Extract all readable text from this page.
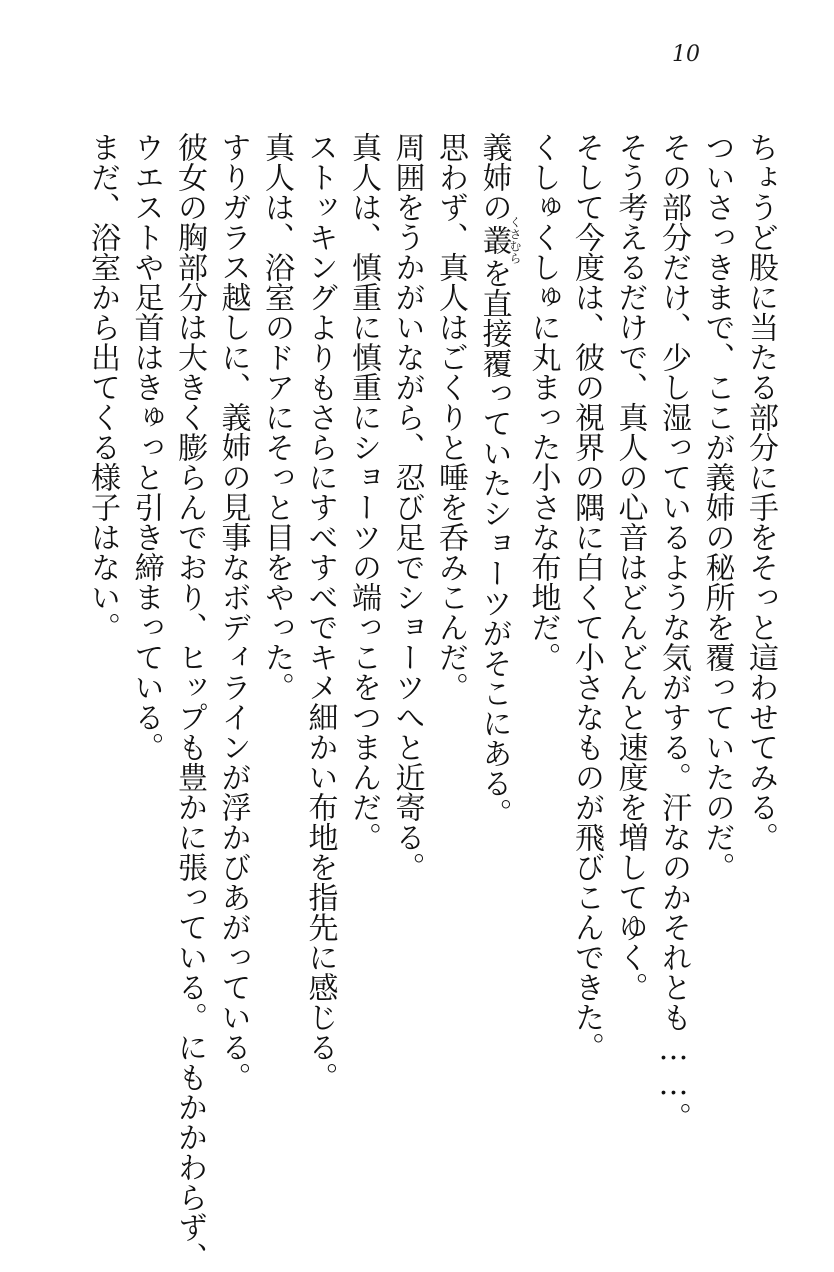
10

ちょうど股に当たる部分に手をそっと這わせてみる。

ついさっきまで、ここが義姉の秘所を覆っていたのだ。

その部分だけ、少し湿っているような気がする。汗なのかそれとも……。

そう考えるだけで、真人の心音はどんどんと速度を増してゆく。

そして今度は、彼の視界の隅に白くて小さなものが飛びこんできた。

くしゅくしゅに丸まった小さな布地だ。

義姉の叢くさむらを直接覆っていたショーツがそこにある。

思わず、真人はごくりと唾を呑みこんだ。

周囲をうかがいながら、忍び足でショーツへと近寄る。

真人は、慎重に慎重にショーツの端っこをつまんだ。

ストッキングよりもさらにすべすべでキメ細かい布地を指先に感じる。

真人は、浴室のドアにそっと目をやった。

すりガラス越しに、義姉の見事なボディラインが浮かびあがっている。

彼女の胸部分は大きく膨らんでおり、ヒップも豊かに張っている。にもかかわらず、

ウエストや足首はきゅっと引き締まっている。

まだ、浴室から出てくる様子はない。
